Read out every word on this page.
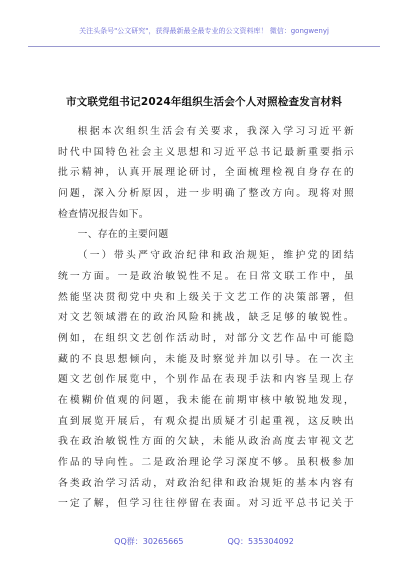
关注头条号"公文研究"，获得最新最全最专业的公文资料库！ 微信：gongwenyj
市文联党组书记2024年组织生活会个人对照检查发言材料
根据本次组织生活会有关要求，我深入学习习近平新
时代中国特色社会主义思想和习近平总书记最新重要指示
批示精神，认真开展理论研讨，全面梳理检视自身存在的
问题，深入分析原因，进一步明确了整改方向。现将对照
检查情况报告如下。
一、存在的主要问题
（一）带头严守政治纪律和政治规矩，维护党的团结
统一方面。一是政治敏锐性不足。在日常文联工作中，虽
然能坚决贯彻党中央和上级关于文艺工作的决策部署，但
对文艺领域潜在的政治风险和挑战，缺乏足够的敏锐性。
例如，在组织文艺创作活动时，对部分文艺作品中可能隐
藏的不良思想倾向，未能及时察觉并加以引导。在一次主
题文艺创作展览中，个别作品在表现手法和内容呈现上存
在模糊价值观的问题，我未能在前期审核中敏锐地发现，
直到展览开展后，有观众提出质疑才引起重视，这反映出
我在政治敏锐性方面的欠缺，未能从政治高度去审视文艺
作品的导向性。二是政治理论学习深度不够。虽积极参加
各类政治学习活动，对政治纪律和政治规矩的基本内容有
一定了解，但学习往往停留在表面。对习近平总书记关于
QQ群：30265665	QQ：535304092
